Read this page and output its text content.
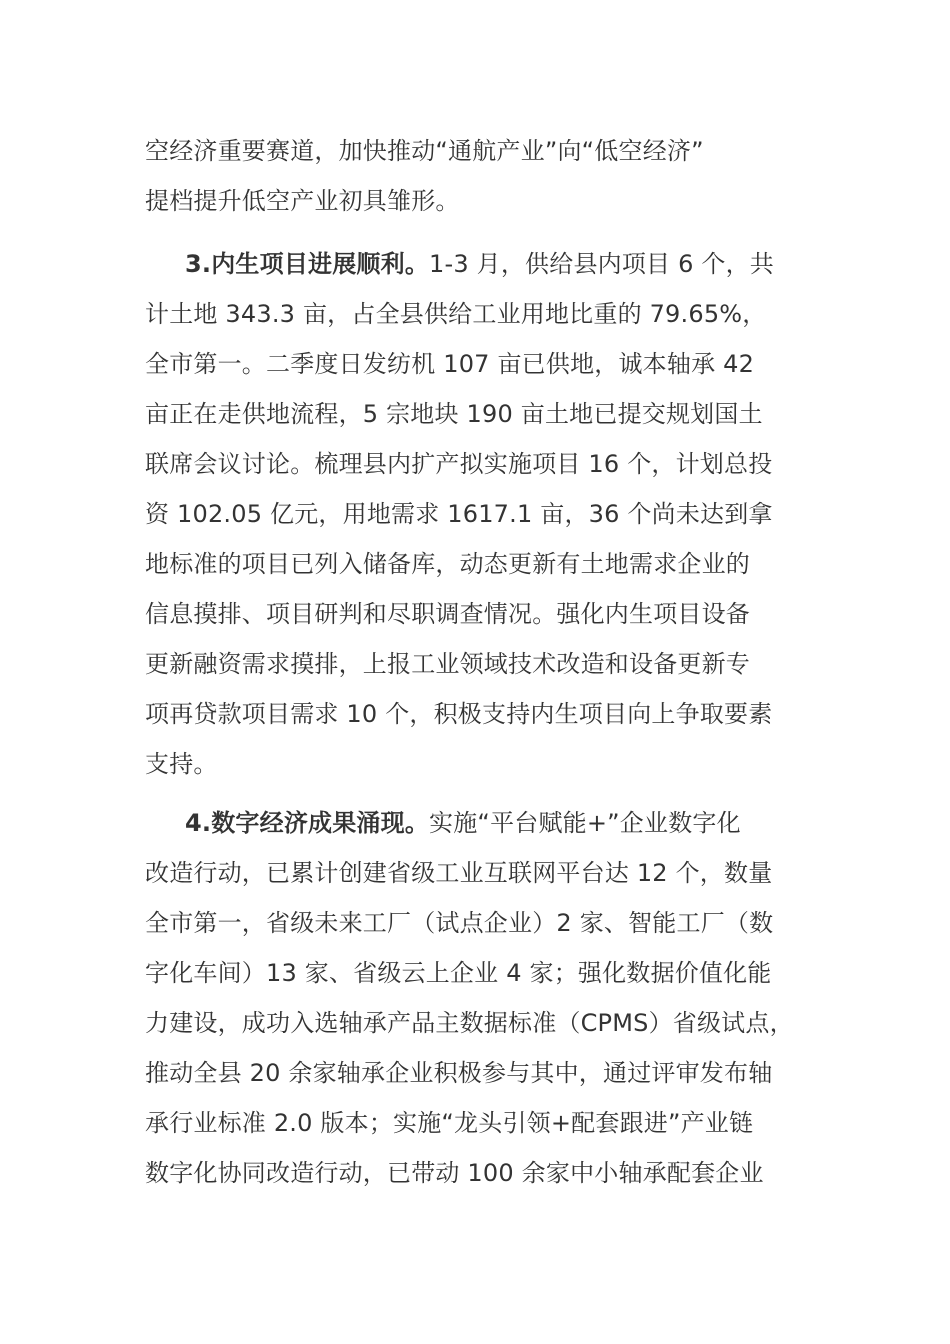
空经济重要赛道，加快推动“通航产业”向“低空经济”
提档提升低空产业初具雏形。
3.内生项目进展顺利。1-3 月，供给县内项目 6 个，共
计土地 343.3 亩，占全县供给工业用地比重的 79.65%，
全市第一。二季度日发纺机 107 亩已供地，诚本轴承 42
亩正在走供地流程，5 宗地块 190 亩土地已提交规划国土
联席会议讨论。梳理县内扩产拟实施项目 16 个，计划总投
资 102.05 亿元，用地需求 1617.1 亩，36 个尚未达到拿
地标准的项目已列入储备库，动态更新有土地需求企业的
信息摸排、项目研判和尽职调查情况。强化内生项目设备
更新融资需求摸排，上报工业领域技术改造和设备更新专
项再贷款项目需求 10 个，积极支持内生项目向上争取要素
支持。
4.数字经济成果涌现。实施“平台赋能+”企业数字化
改造行动，已累计创建省级工业互联网平台达 12 个，数量
全市第一，省级未来工厂（试点企业）2 家、智能工厂（数
字化车间）13 家、省级云上企业 4 家；强化数据价值化能
力建设，成功入选轴承产品主数据标准（CPMS）省级试点，
推动全县 20 余家轴承企业积极参与其中，通过评审发布轴
承行业标准 2.0 版本；实施“龙头引领+配套跟进”产业链
数字化协同改造行动，已带动 100 余家中小轴承配套企业
